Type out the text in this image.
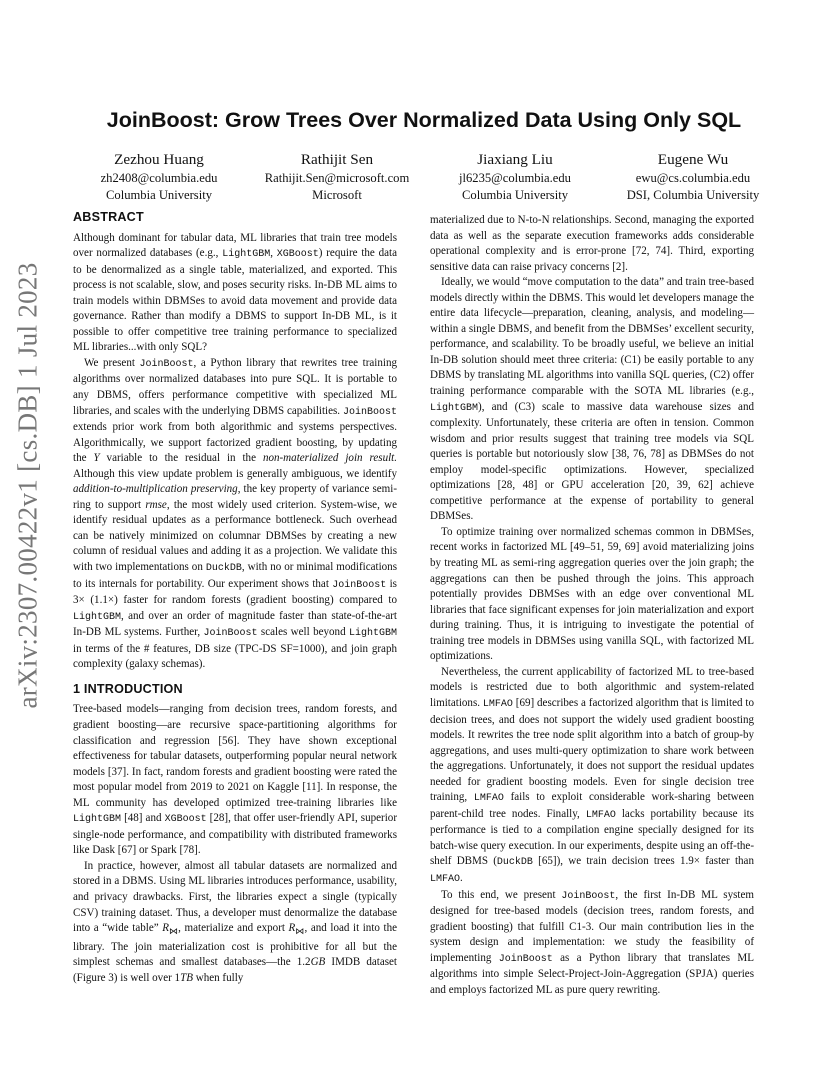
arXiv:2307.00422v1 [cs.DB] 1 Jul 2023
JoinBoost: Grow Trees Over Normalized Data Using Only SQL
Zezhou Huang
zh2408@columbia.edu
Columbia University
Rathijit Sen
Rathijit.Sen@microsoft.com
Microsoft
Jiaxiang Liu
jl6235@columbia.edu
Columbia University
Eugene Wu
ewu@cs.columbia.edu
DSI, Columbia University
ABSTRACT

Although dominant for tabular data, ML libraries that train tree models over normalized databases (e.g., LightGBM, XGBoost) require the data to be denormalized as a single table, materialized, and exported. This process is not scalable, slow, and poses security risks. In-DB ML aims to train models within DBMSes to avoid data movement and provide data governance. Rather than modify a DBMS to support In-DB ML, is it possible to offer competitive tree training performance to specialized ML libraries...with only SQL?

We present JoinBoost, a Python library that rewrites tree training algorithms over normalized databases into pure SQL. It is portable to any DBMS, offers performance competitive with specialized ML libraries, and scales with the underlying DBMS capabilities. JoinBoost extends prior work from both algorithmic and systems perspectives. Algorithmically, we support factorized gradient boosting, by updating the Y variable to the residual in the non-materialized join result. Although this view update problem is generally ambiguous, we identify addition-to-multiplication preserving, the key property of variance semi-ring to support rmse, the most widely used criterion. System-wise, we identify residual updates as a performance bottleneck. Such overhead can be natively minimized on columnar DBMSes by creating a new column of residual values and adding it as a projection. We validate this with two implementations on DuckDB, with no or minimal modifications to its internals for portability. Our experiment shows that JoinBoost is 3× (1.1×) faster for random forests (gradient boosting) compared to LightGBM, and over an order of magnitude faster than state-of-the-art In-DB ML systems. Further, JoinBoost scales well beyond LightGBM in terms of the # features, DB size (TPC-DS SF=1000), and join graph complexity (galaxy schemas).

1 INTRODUCTION

Tree-based models—ranging from decision trees, random forests, and gradient boosting—are recursive space-partitioning algorithms for classification and regression [56]. They have shown exceptional effectiveness for tabular datasets, outperforming popular neural network models [37]. In fact, random forests and gradient boosting were rated the most popular model from 2019 to 2021 on Kaggle [11]. In response, the ML community has developed optimized tree-training libraries like LightGBM [48] and XGBoost [28], that offer user-friendly API, superior single-node performance, and compatibility with distributed frameworks like Dask [67] or Spark [78].

In practice, however, almost all tabular datasets are normalized and stored in a DBMS. Using ML libraries introduces performance, usability, and privacy drawbacks. First, the libraries expect a single (typically CSV) training dataset. Thus, a developer must denormalize the database into a “wide table” $R_⋈$, materialize and export $R_⋈$, and load it into the library. The join materialization cost is prohibitive for all but the simplest schemas and smallest databases—the 1.2GB IMDB dataset (Figure 3) is well over 1TB when fully

materialized due to N-to-N relationships. Second, managing the exported data as well as the separate execution frameworks adds considerable operational complexity and is error-prone [72, 74]. Third, exporting sensitive data can raise privacy concerns [2].

Ideally, we would “move computation to the data” and train tree-based models directly within the DBMS. This would let developers manage the entire data lifecycle—preparation, cleaning, analysis, and modeling—within a single DBMS, and benefit from the DBMSes’ excellent security, performance, and scalability. To be broadly useful, we believe an initial In-DB solution should meet three criteria: (C1) be easily portable to any DBMS by translating ML algorithms into vanilla SQL queries, (C2) offer training performance comparable with the SOTA ML libraries (e.g., LightGBM), and (C3) scale to massive data warehouse sizes and complexity. Unfortunately, these criteria are often in tension. Common wisdom and prior results suggest that training tree models via SQL queries is portable but notoriously slow [38, 76, 78] as DBMSes do not employ model-specific optimizations. However, specialized optimizations [28, 48] or GPU acceleration [20, 39, 62] achieve competitive performance at the expense of portability to general DBMSes.

To optimize training over normalized schemas common in DBMSes, recent works in factorized ML [49–51, 59, 69] avoid materializing joins by treating ML as semi-ring aggregation queries over the join graph; the aggregations can then be pushed through the joins. This approach potentially provides DBMSes with an edge over conventional ML libraries that face significant expenses for join materialization and export during training. Thus, it is intriguing to investigate the potential of training tree models in DBMSes using vanilla SQL, with factorized ML optimizations.

Nevertheless, the current applicability of factorized ML to tree-based models is restricted due to both algorithmic and system-related limitations. LMFAO [69] describes a factorized algorithm that is limited to decision trees, and does not support the widely used gradient boosting models. It rewrites the tree node split algorithm into a batch of group-by aggregations, and uses multi-query optimization to share work between the aggregations. Unfortunately, it does not support the residual updates needed for gradient boosting models. Even for single decision tree training, LMFAO fails to exploit considerable work-sharing between parent-child tree nodes. Finally, LMFAO lacks portability because its performance is tied to a compilation engine specially designed for its batch-wise query execution. In our experiments, despite using an off-the-shelf DBMS (DuckDB [65]), we train decision trees 1.9× faster than LMFAO.

To this end, we present JoinBoost, the first In-DB ML system designed for tree-based models (decision trees, random forests, and gradient boosting) that fulfill C1-3. Our main contribution lies in the system design and implementation: we study the feasibility of implementing JoinBoost as a Python library that translates ML algorithms into simple Select-Project-Join-Aggregation (SPJA) queries and employs factorized ML as pure query rewriting.
